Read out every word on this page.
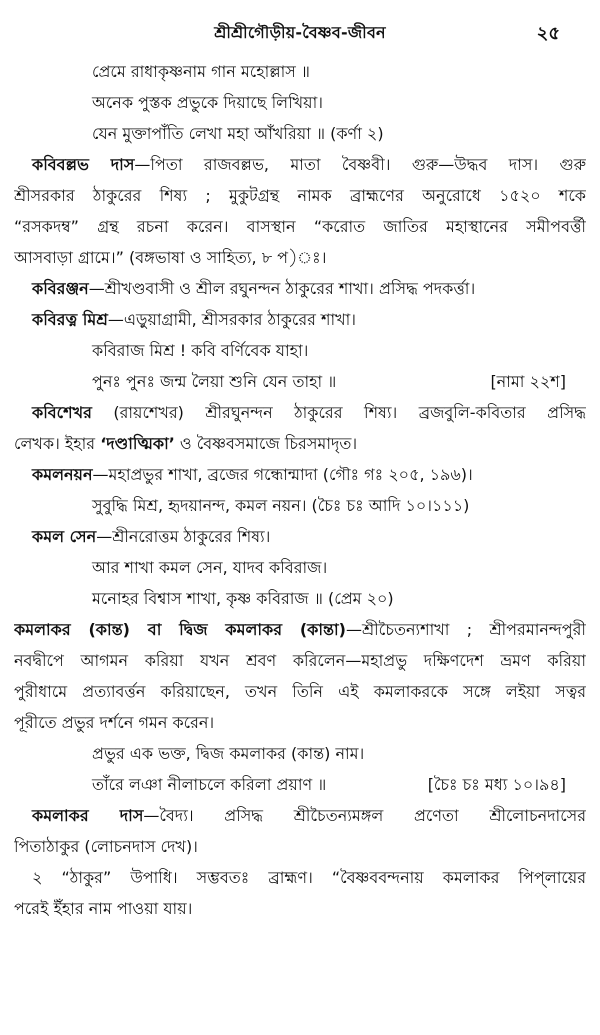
শ্রীশ্রীগৌড়ীয়-বৈষ্ণব-জীবন	২৫
প্রেমে রাধাকৃষ্ণনাম গান মহোল্লাস ॥
অনেক পুস্তক প্রভুকে দিয়াছে লিখিয়া।
যেন মুক্তাপাঁতি লেখা মহা আঁখরিয়া ॥ (কর্ণা ২)
কবিবল্লভ দাস—পিতা রাজবল্লভ, মাতা বৈষ্ণবী। গুরু—উদ্ধব দাস। গুরু
শ্রীসরকার ঠাকুরের শিষ্য ; মুকুটগ্রন্থ নামক ব্রাহ্মণের অনুরোধে ১৫২০ শকে
“রসকদম্ব” গ্রন্থ রচনা করেন। বাসস্থান “করোত জাতির মহাস্থানের সমীপবর্ত্তী
আসবাড়া গ্রামে।” (বঙ্গভাষা ও সাহিত্য, ৮ প)ঃ।
কবিরঞ্জন—শ্রীখণ্ডবাসী ও শ্রীল রঘুনন্দন ঠাকুরের শাখা। প্রসিদ্ধ পদকর্ত্তা।
কবিরত্ন মিশ্র—এড়ুয়াগ্রামী, শ্রীসরকার ঠাকুরের শাখা।
কবিরাজ মিশ্র ! কবি বর্ণিবেক যাহা।
পুনঃ পুনঃ জন্ম লৈয়া শুনি যেন তাহা ॥	[নামা ২২শ]
কবিশেখর (রায়শেখর) শ্রীরঘুনন্দন ঠাকুরের শিষ্য। ব্রজবুলি-কবিতার প্রসিদ্ধ
লেখক। ইহার ‘দণ্ডাত্মিকা’ ও বৈষ্ণবসমাজে চিরসমাদৃত।
কমলনয়ন—মহাপ্রভুর শাখা, ব্রজের গন্ধোন্মাদা (গৌঃ গঃ ২০৫, ১৯৬)।
সুবুদ্ধি মিশ্র, হৃদয়ানন্দ, কমল নয়ন। (চৈঃ চঃ আদি ১০।১১১)
কমল সেন—শ্রীনরোত্তম ঠাকুরের শিষ্য।
আর শাখা কমল সেন, যাদব কবিরাজ।
মনোহর বিশ্বাস শাখা, কৃষ্ণ কবিরাজ ॥ (প্রেম ২০)
কমলাকর (কান্ত) বা দ্বিজ কমলাকর (কান্তা)—শ্রীচৈতন্যশাখা ; শ্রীপরমানন্দপুরী
নবদ্বীপে আগমন করিয়া যখন শ্রবণ করিলেন—মহাপ্রভু দক্ষিণদেশ ভ্রমণ করিয়া
পুরীধামে প্রত্যাবর্ত্তন করিয়াছেন, তখন তিনি এই কমলাকরকে সঙ্গে লইয়া সত্বর
পূরীতে প্রভুর দর্শনে গমন করেন।
প্রভুর এক ভক্ত, দ্বিজ কমলাকর (কান্ত) নাম।
তাঁরে লঞা নীলাচলে করিলা প্রয়াণ ॥	[চৈঃ চঃ মধ্য ১০।৯৪]
কমলাকর দাস—বৈদ্য। প্রসিদ্ধ শ্রীচৈতন্যমঙ্গল প্রণেতা শ্রীলোচনদাসের
পিতাঠাকুর (লোচনদাস দেখ)।
২ “ঠাকুর” উপাধি। সম্ভবতঃ ব্রাহ্মণ। “বৈষ্ণববন্দনায় কমলাকর পিপ্‌লায়ের
পরেই ইঁহার নাম পাওয়া যায়।
